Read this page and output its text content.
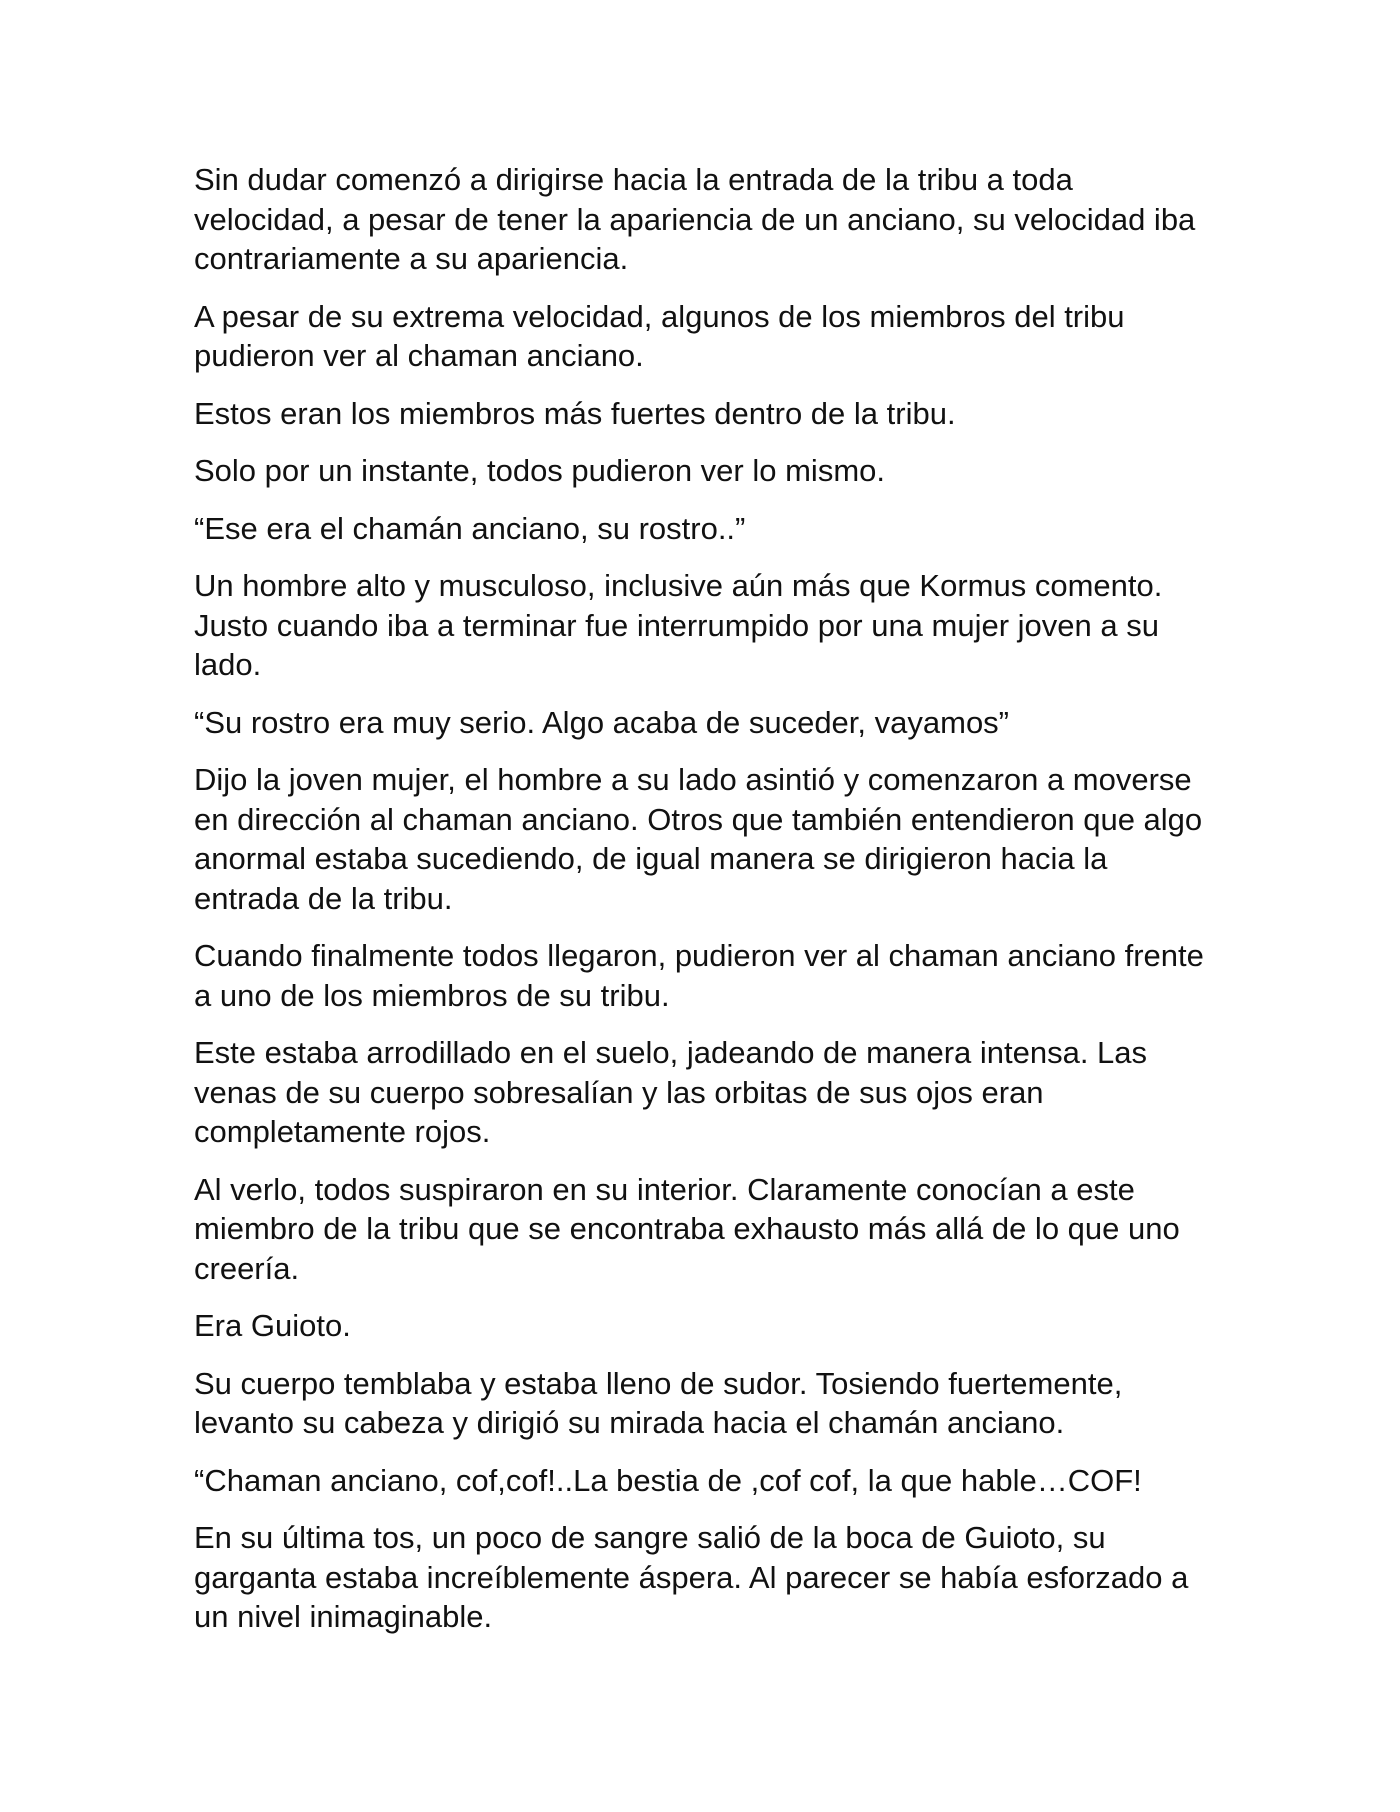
Sin dudar comenzó a dirigirse hacia la entrada de la tribu a toda velocidad, a pesar de tener la apariencia de un anciano, su velocidad iba contrariamente a su apariencia.

A pesar de su extrema velocidad, algunos de los miembros del tribu pudieron ver al chaman anciano.

Estos eran los miembros más fuertes dentro de la tribu.

Solo por un instante, todos pudieron ver lo mismo.

“Ese era el chamán anciano, su rostro..”

Un hombre alto y musculoso, inclusive aún más que Kormus comento. Justo cuando iba a terminar fue interrumpido por una mujer joven a su lado.

“Su rostro era muy serio. Algo acaba de suceder, vayamos”

Dijo la joven mujer, el hombre a su lado asintió y comenzaron a moverse en dirección al chaman anciano. Otros que también entendieron que algo anormal estaba sucediendo, de igual manera se dirigieron hacia la entrada de la tribu.

Cuando finalmente todos llegaron, pudieron ver al chaman anciano frente a uno de los miembros de su tribu.

Este estaba arrodillado en el suelo, jadeando de manera intensa. Las venas de su cuerpo sobresalían y las orbitas de sus ojos eran completamente rojos.

Al verlo, todos suspiraron en su interior. Claramente conocían a este miembro de la tribu que se encontraba exhausto más allá de lo que uno creería.

Era Guioto.

Su cuerpo temblaba y estaba lleno de sudor. Tosiendo fuertemente, levanto su cabeza y dirigió su mirada hacia el chamán anciano.

“Chaman anciano, cof,cof!..La bestia de ,cof cof, la que hable…COF!

En su última tos, un poco de sangre salió de la boca de Guioto, su garganta estaba increíblemente áspera. Al parecer se había esforzado a un nivel inimaginable.
